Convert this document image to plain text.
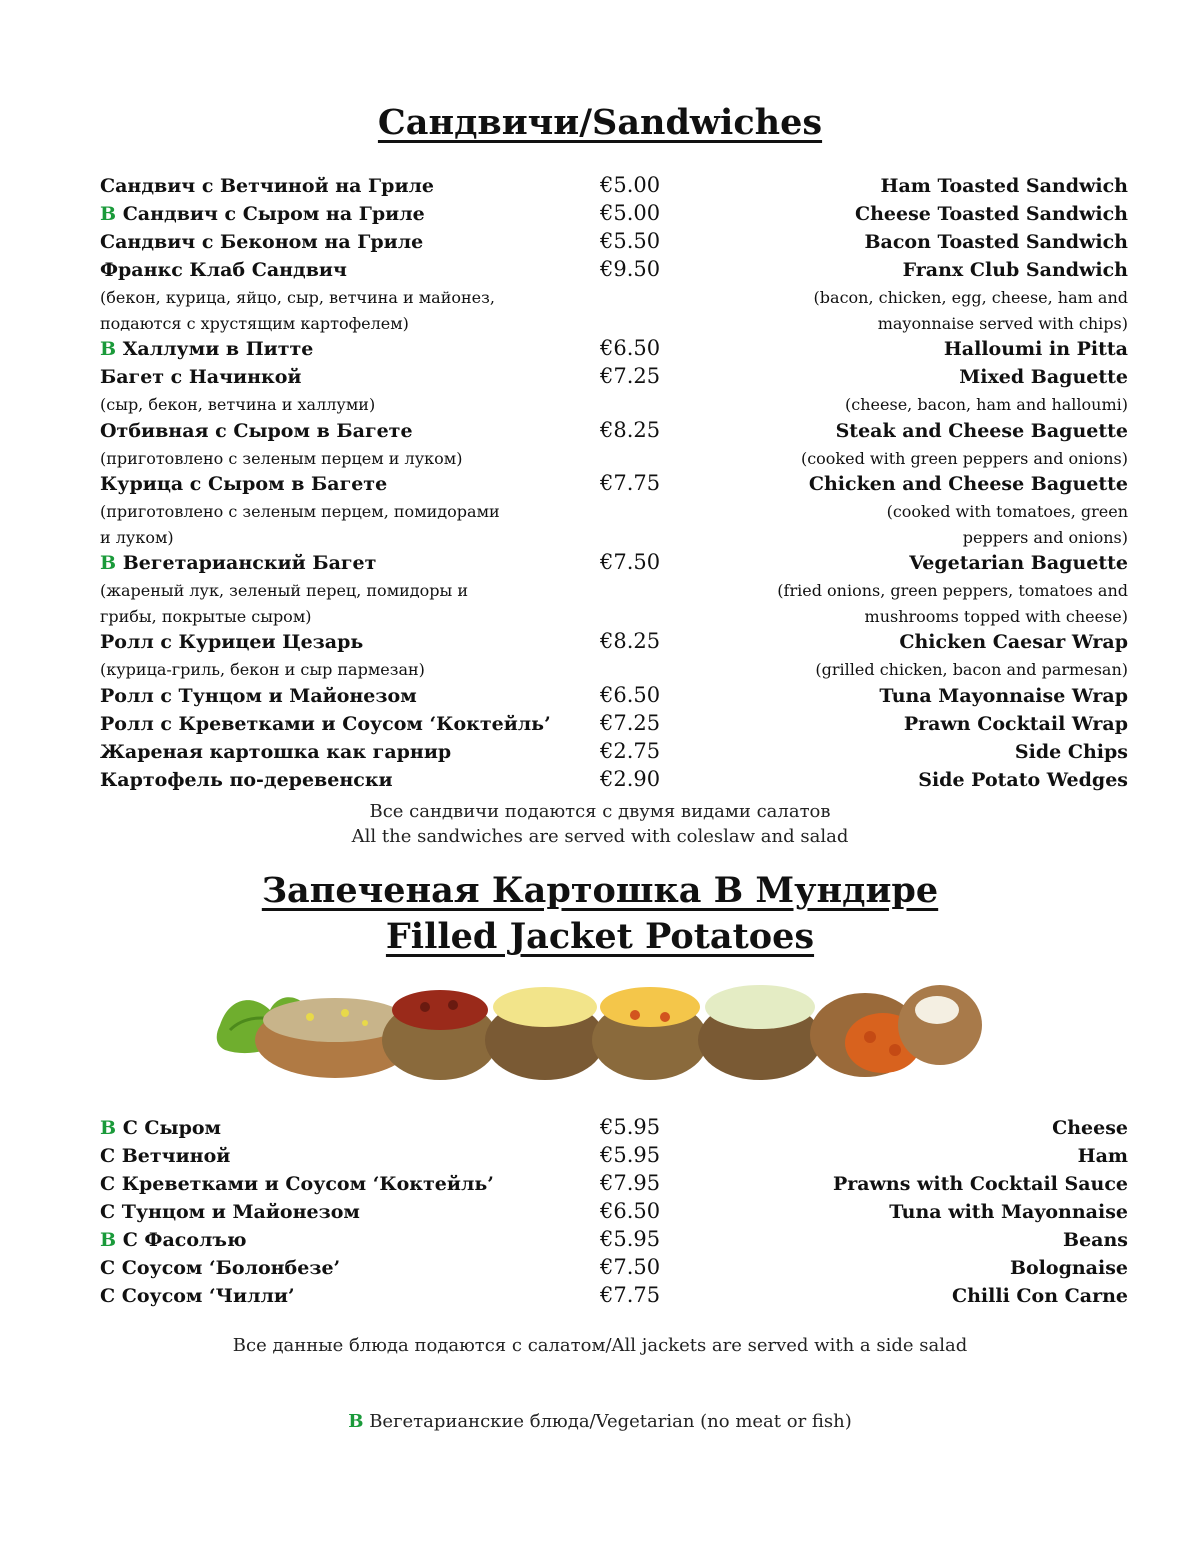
Сандвичи/Sandwiches
Сандвич с Ветчиной на Гриле	€5.00	Ham Toasted Sandwich
В Сандвич с Сыром на Гриле	€5.00	Cheese Toasted Sandwich
Сандвич с Беконом на Гриле	€5.50	Bacon Toasted Sandwich
Франкс Клаб Сандвич	€9.50	Franx Club Sandwich
(бекон, курица, яйцо, сыр, ветчина и майонез,
подаются с хрустящим картофелем)
(bacon, chicken, egg, cheese, ham and
mayonnaise served with chips)
В Халлуми в Питте	€6.50	Halloumi in Pitta
Багет с Начинкой	€7.25	Mixed Baguette
(сыр, бекон, ветчина и халлуми)	(cheese, bacon, ham and halloumi)
Отбивная с Сыром в Багете	€8.25	Steak and Cheese Baguette
(приготовлено с зеленым перцем и луком)	(cooked with green peppers and onions)
Курица с Сыром в Багете	€7.75	Chicken and Cheese Baguette
(приготовлено с зеленым перцем, помидорами
и луком)
(cooked with tomatoes, green
peppers and onions)
В Вегетарианский Багет	€7.50	Vegetarian Baguette
(жареный лук, зеленый перец, помидоры и
грибы, покрытые сыром)
(fried onions, green peppers, tomatoes and
mushrooms topped with cheese)
Ролл с Курицеи Цезарь	€8.25	Chicken Caesar Wrap
(курица-гриль, бекон и сыр пармезан)	(grilled chicken, bacon and parmesan)
Ролл с Тунцом и Майонезом	€6.50	Tuna Mayonnaise Wrap
Ролл с Креветками и Соусом ‘Коктейль’	€7.25	Prawn Cocktail Wrap
Жареная картошка как гарнир	€2.75	Side Chips
Картофель по-деревенски	€2.90	Side Potato Wedges
Все сандвичи подаются с двумя видами салатов
All the sandwiches are served with coleslaw and salad
Запеченая Картошка В Мундире
Filled Jacket Potatoes
В С Сыром	€5.95	Cheese
С Ветчиной	€5.95	Ham
С Креветками и Соусом ‘Коктейль’	€7.95	Prawns with Cocktail Sauce
С Тунцом и Майонезом	€6.50	Tuna with Mayonnaise
В С Фасолъю	€5.95	Beans
С Соусом ‘Болонбезе’	€7.50	Bolognaise
С Соусом ‘Чилли’	€7.75	Chilli Con Carne
Все данные блюда подаются с салатом/All jackets are served with a side salad
В Вегетарианские блюда/Vegetarian (no meat or fish)
